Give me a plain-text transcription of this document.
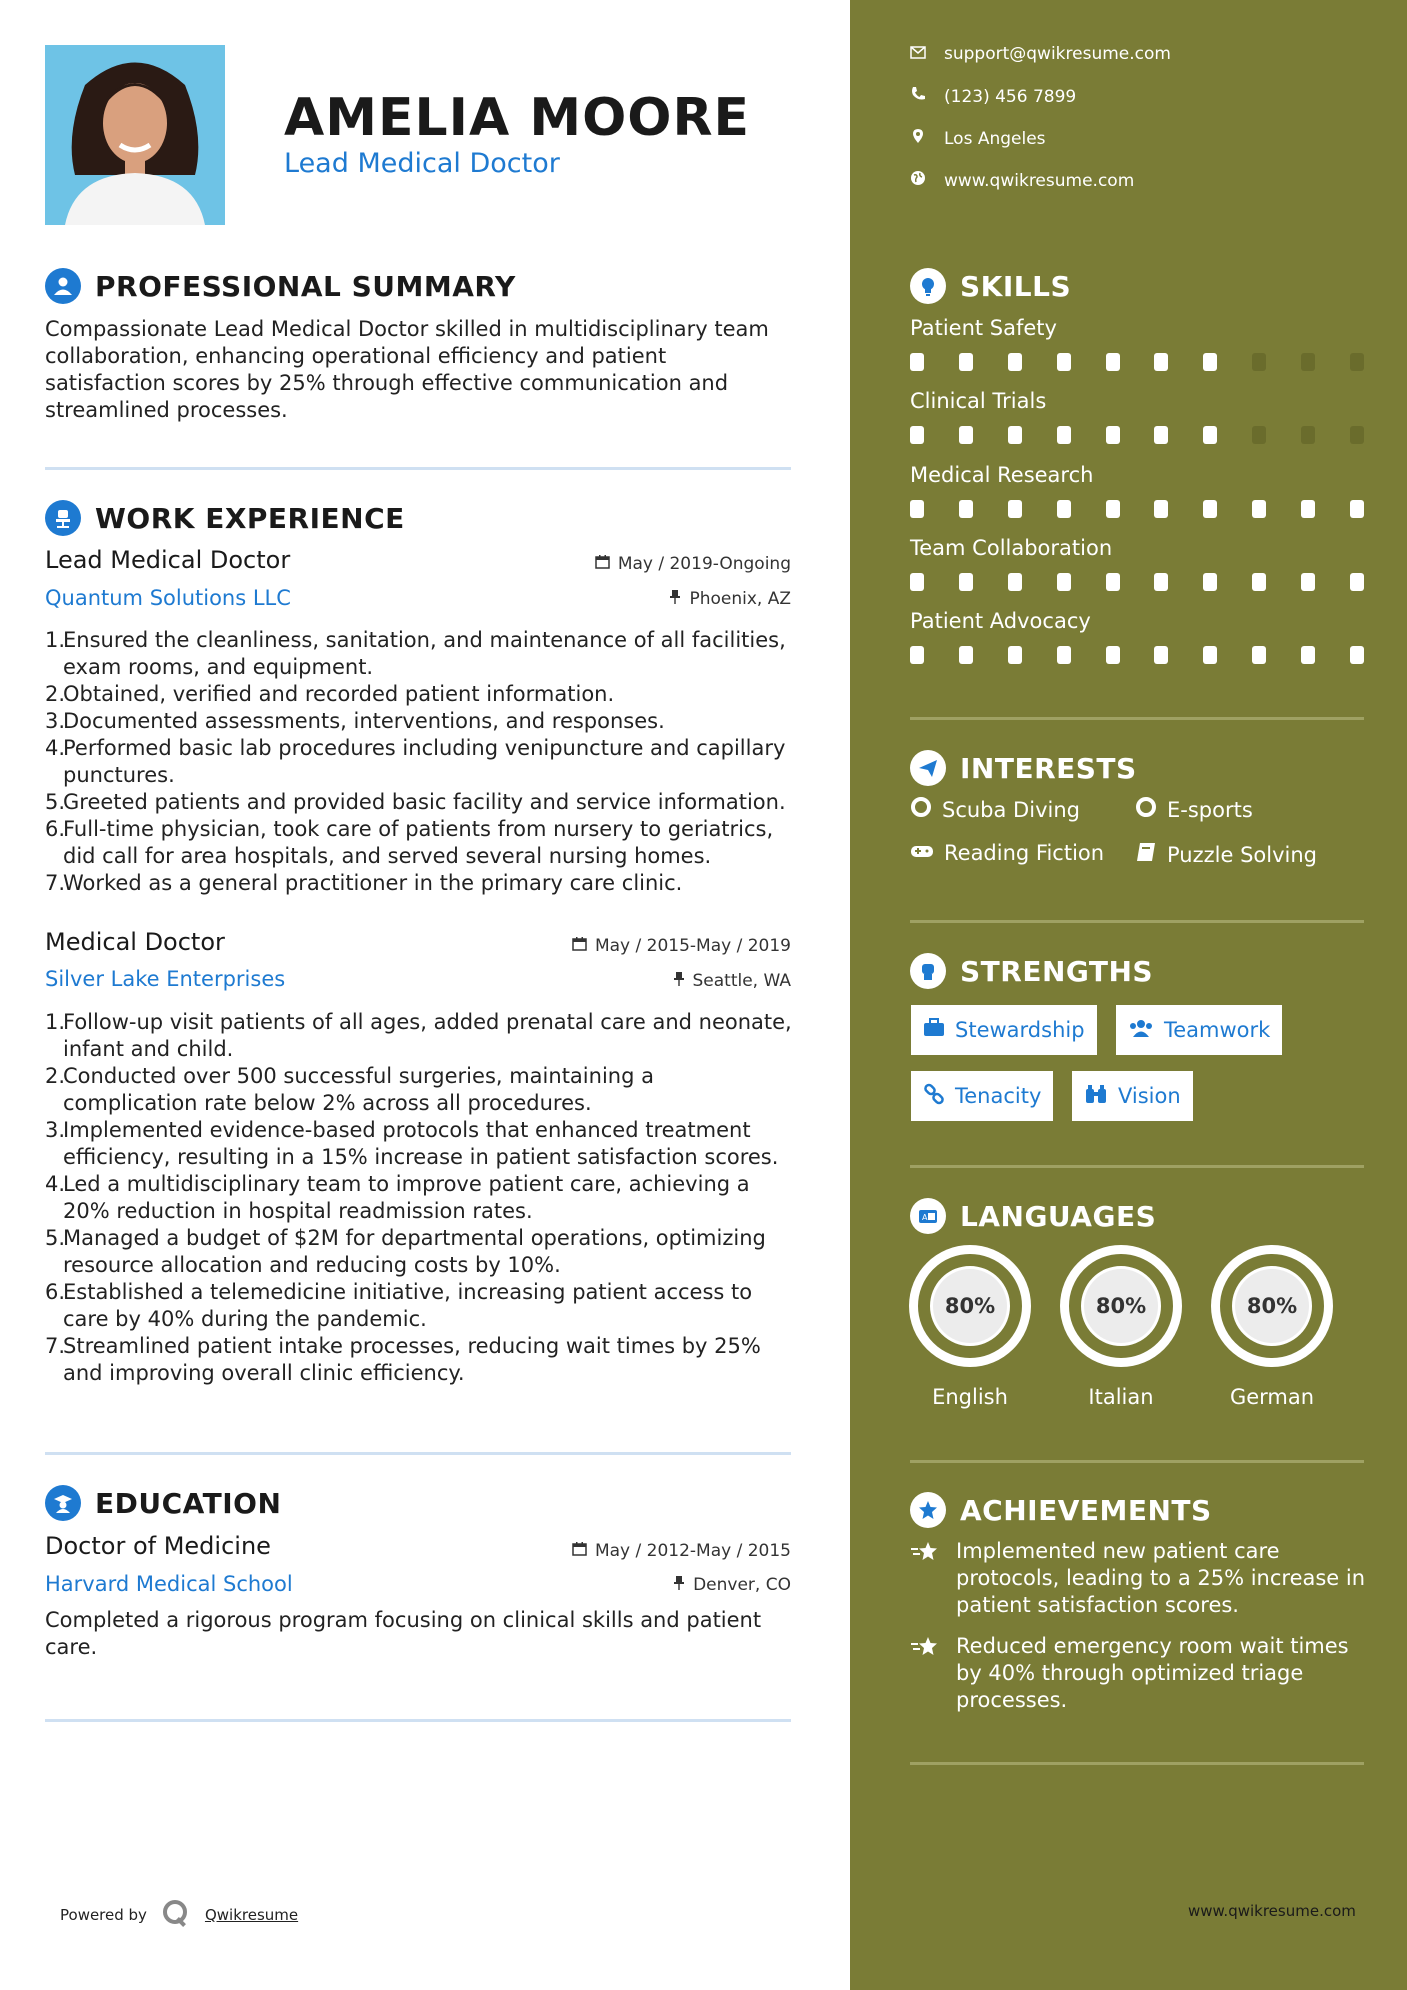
AMELIA MOORE
Lead Medical Doctor
PROFESSIONAL SUMMARY
Compassionate Lead Medical Doctor skilled in multidisciplinary team collaboration, enhancing operational efficiency and patient satisfaction scores by 25% through effective communication and streamlined processes.
WORK EXPERIENCE
Lead Medical Doctor	May / 2019-Ongoing
Quantum Solutions LLC	Phoenix, AZ
1.
Ensured the cleanliness, sanitation, and maintenance of all facilities, exam rooms, and equipment.
2.
Obtained, verified and recorded patient information.
3.
Documented assessments, interventions, and responses.
4.
Performed basic lab procedures including venipuncture and capillary punctures.
5.
Greeted patients and provided basic facility and service information.
6.
Full-time physician, took care of patients from nursery to geriatrics, did call for area hospitals, and served several nursing homes.
7.
Worked as a general practitioner in the primary care clinic.
Medical Doctor	May / 2015-May / 2019
Silver Lake Enterprises	Seattle, WA
1.
Follow-up visit patients of all ages, added prenatal care and neonate, infant and child.
2.
Conducted over 500 successful surgeries, maintaining a complication rate below 2% across all procedures.
3.
Implemented evidence-based protocols that enhanced treatment efficiency, resulting in a 15% increase in patient satisfaction scores.
4.
Led a multidisciplinary team to improve patient care, achieving a 20% reduction in hospital readmission rates.
5.
Managed a budget of $2M for departmental operations, optimizing resource allocation and reducing costs by 10%.
6.
Established a telemedicine initiative, increasing patient access to care by 40% during the pandemic.
7.
Streamlined patient intake processes, reducing wait times by 25% and improving overall clinic efficiency.
EDUCATION
Doctor of Medicine	May / 2012-May / 2015
Harvard Medical School	Denver, CO
Completed a rigorous program focusing on clinical skills and patient care.
Powered by	Qwikresume
support@qwikresume.com
(123) 456 7899
Los Angeles
www.qwikresume.com
SKILLS
Patient Safety
Clinical Trials
Medical Research
Team Collaboration
Patient Advocacy
INTERESTS
Scuba Diving	E-sports
Reading Fiction	Puzzle Solving
STRENGTHS
Stewardship	Teamwork
Tenacity	Vision
A LANGUAGES
80%
English
80%
Italian
80%
German
ACHIEVEMENTS
Implemented new patient care protocols, leading to a 25% increase in patient satisfaction scores.
Reduced emergency room wait times by 40% through optimized triage processes.
www.qwikresume.com
